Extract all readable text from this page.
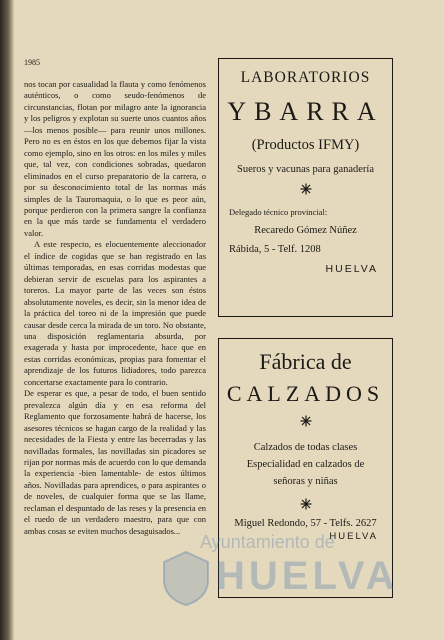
1985

nos tocan por casualidad la flauta y como fenómenos auténticos, o como seudo-fenómenos de circunstancias, flotan por milagro ante la ignorancia y los peligros y explotan su suerte unos cuantos años —los menos posible— para reunir unos millones. Pero no es en éstos en los que debemos fijar la vista como ejemplo, sino en los otros: en los miles y miles que, tal vez, con condiciones sobradas, quedaron eliminados en el curso preparatorio de la carrera, o por su desconocimiento total de las normas más simples de la Tauromaquia, o lo que es peor aún, porque perdieron con la primera sangre la confianza en la que más tarde se fundamenta el verdadero valor.

A este respecto, es elocuentemente aleccionador el índice de cogidas que se han registrado en las últimas temporadas, en esas corridas modestas que debieran servir de escuelas para los aspirantes a toreros. La mayor parte de las veces son éstos absolutamente noveles, es decir, sin la menor idea de la práctica del toreo ni de la impresión que puede causar desde cerca la mirada de un toro. No obstante, una disposición reglamentaria absurda, por exagerada y hasta por improcedente, hace que en estas corridas económicas, propias para fomentar el aprendizaje de los futuros lidiadores, todo parezca concertarse exactamente para lo contrario.

De esperar es que, a pesar de todo, el buen sentido prevalezca algún día y en esa reforma del Reglamento que forzosamente habrá de hacerse, los asesores técnicos se hagan cargo de la realidad y las necesidades de la Fiesta y entre las becerradas y las novilladas formales, las novilladas sin picadores se rijan por normas más de acuerdo con lo que demanda la experiencia -bien lamentable- de estos últimos años. Novilladas para aprendices, o para aspirantes o de noveles, de cualquier forma que se las llame, reclaman el despuntado de las reses y la presencia en el ruedo de un verdadero maestro, para que con ambas cosas se eviten muchos desaguisados...

LABORATORIOS
YBARRA
(Productos IFMY)
Sueros y vacunas para ganadería
Delegado técnico provincial:
Recaredo Gómez Núñez
Rábida, 5 - Telf. 1208
HUELVA
Fábrica de
CALZADOS
Calzados de todas clases
Especialidad en calzados de
señoras y niñas
Miguel Redondo, 57 - Telfs. 2627
HUELVA
Ayuntamiento de
HUELVA
